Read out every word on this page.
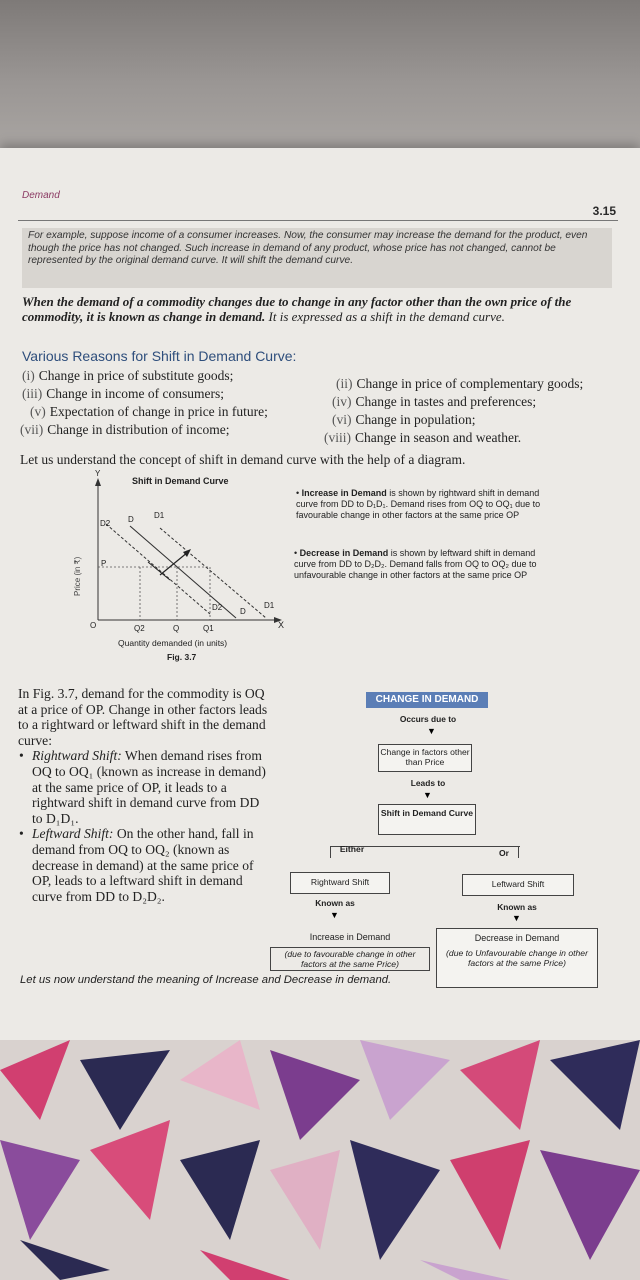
Demand
3.15

For example, suppose income of a consumer increases. Now, the consumer may increase the demand for the product, even though the price has not changed. Such increase in demand of any product, whose price has not changed, cannot be represented by the original demand curve. It will shift the demand curve.

When the demand of a commodity changes due to change in any factor other than the own price of the commodity, it is known as change in demand. It is expressed as a shift in the demand curve.
Various Reasons for Shift in Demand Curve:
(i) Change in price of substitute goods;
(ii) Change in price of complementary goods;
(iii) Change in income of consumers;
(iv) Change in tastes and preferences;
(v) Expectation of change in price in future;
(vi) Change in population;
(vii) Change in distribution of income;
(viii) Change in season and weather.
Let us understand the concept of shift in demand curve with the help of a diagram.
Shift in Demand Curve
Y
X
O
Price (in ₹)
Quantity demanded (in units)
Fig. 3.7
P
D
D2
D1
D
D2	D1
Q2	Q	Q1
• Increase in Demand is shown by rightward shift in demand curve from DD to D₁D₁. Demand rises from OQ to OQ₁ due to favourable change in other factors at the same price OP
• Decrease in Demand is shown by leftward shift in demand curve from DD to D₂D₂. Demand falls from OQ to OQ₂ due to unfavourable change in other factors at the same price OP
In Fig. 3.7, demand for the commodity is OQ at a price of OP. Change in other factors leads to a rightward or leftward shift in the demand curve:
• Rightward Shift: When demand rises from OQ to OQ₁ (known as increase in demand) at the same price of OP, it leads to a rightward shift in demand curve from DD to D₁D₁.
• Leftward Shift: On the other hand, fall in demand from OQ to OQ₂ (known as decrease in demand) at the same price of OP, leads to a leftward shift in demand curve from DD to D₂D₂.
CHANGE IN DEMAND
Occurs due to
▼
Change in factors other than Price
Leads to
▼
Shift in Demand Curve
Either	Or
Rightward Shift	Leftward Shift
Known as	Known as
▼	▼
Increase in Demand
(due to favourable change in other factors at the same Price)
Decrease in Demand
(due to Unfavourable change in other factors at the same Price)
Let us now understand the meaning of Increase and Decrease in demand.
